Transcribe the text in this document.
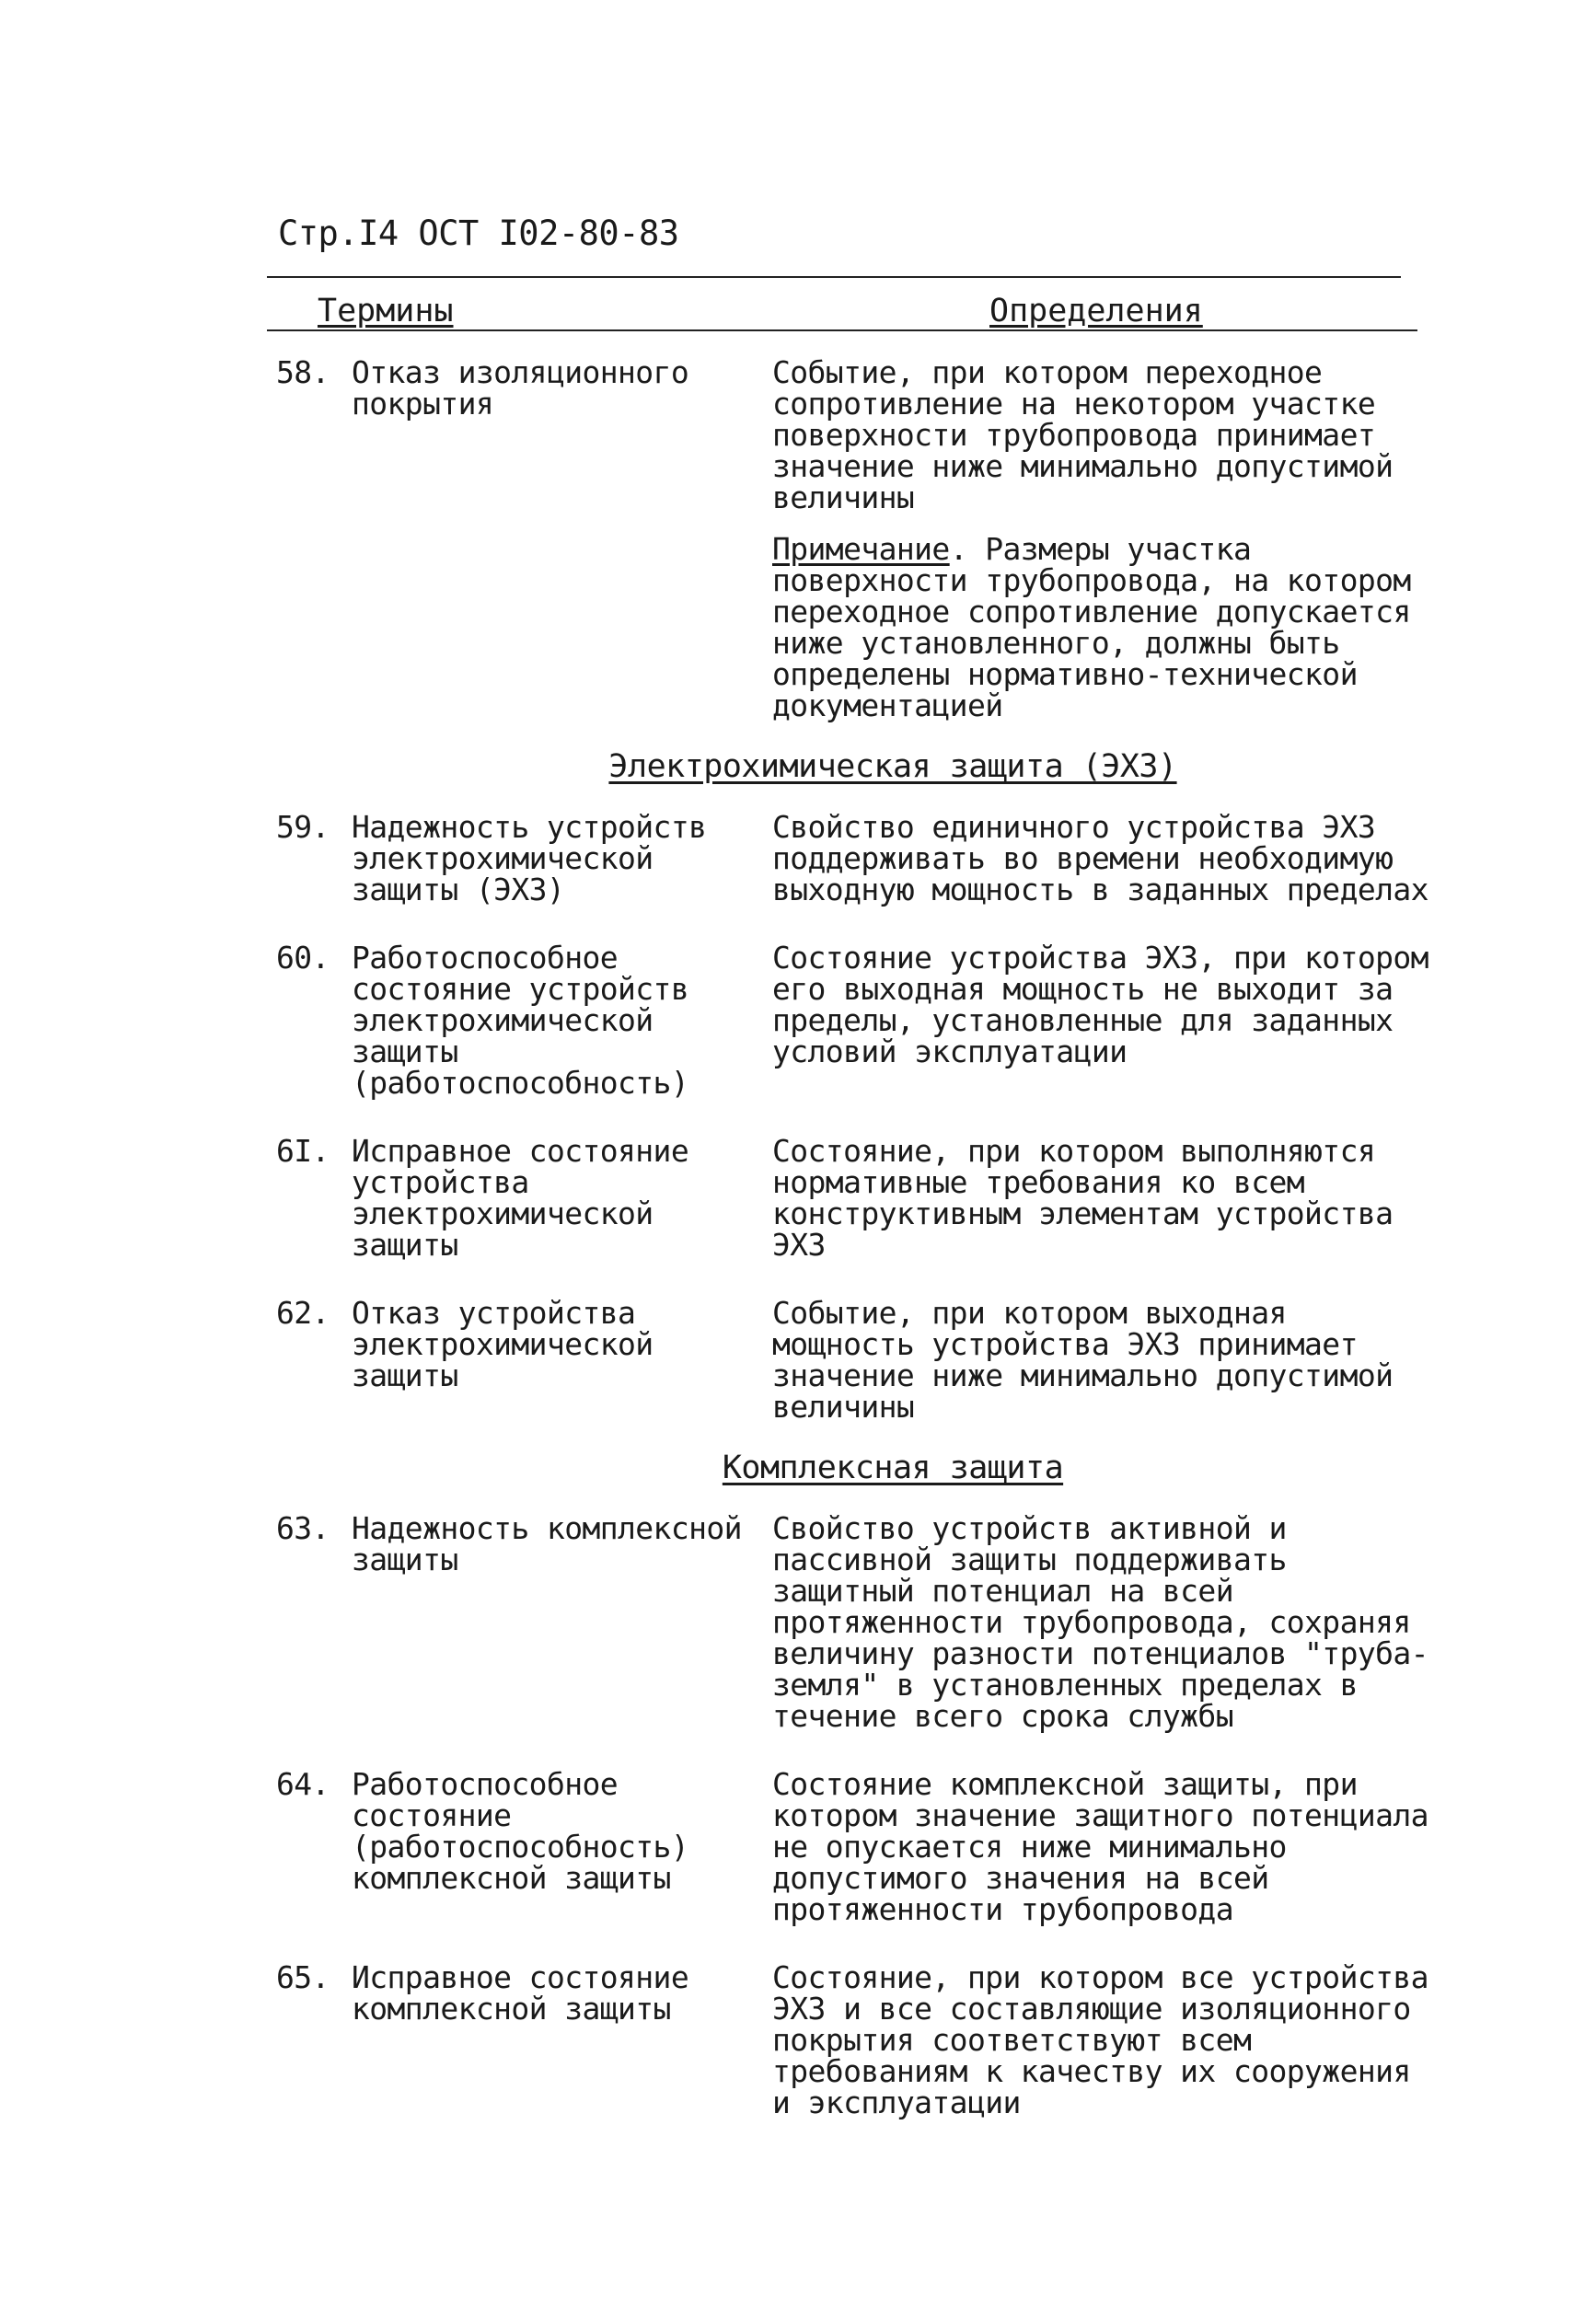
Стр.I4 ОСТ I02-80-83
Термины	Определения
58. Отказ изоляционного покрытия
Событие, при котором переходное сопротивление на некотором участке поверхности трубопровода принимает значение ниже минимально допустимой величины
Примечание. Размеры участка поверхности трубопровода, на котором переходное сопротивление допускается ниже установленного, должны быть определены нормативно-технической документацией
Электрохимическая защита (ЭХЗ)
59. Надежность устройств электрохимической защиты (ЭХЗ)
Свойство единичного устройства ЭХЗ поддерживать во времени необходимую выходную мощность в заданных пределах
60. Работоспособное состояние устройств электрохимической защиты (работоспособность)
Состояние устройства ЭХЗ, при котором его выходная мощность не выходит за пределы, установленные для заданных условий эксплуатации
6I. Исправное состояние устройства электрохимической защиты
Состояние, при котором выполняются нормативные требования ко всем конструктивным элементам устройства ЭХЗ
62. Отказ устройства электрохимической защиты
Событие, при котором выходная мощность устройства ЭХЗ принимает значение ниже минимально допустимой величины
Комплексная защита
63. Надежность комплексной защиты
Свойство устройств активной и пассивной защиты поддерживать защитный потенциал на всей протяженности трубопровода, сохраняя величину разности потенциалов "труба-земля" в установленных пределах в течение всего срока службы
64. Работоспособное состояние (работоспособность) комплексной защиты
Состояние комплексной защиты, при котором значение защитного потенциала не опускается ниже минимально допустимого значения на всей протяженности трубопровода
65. Исправное состояние комплексной защиты
Состояние, при котором все устройства ЭХЗ и все составляющие изоляционного покрытия соответствуют всем требованиям к качеству их сооружения и эксплуатации
